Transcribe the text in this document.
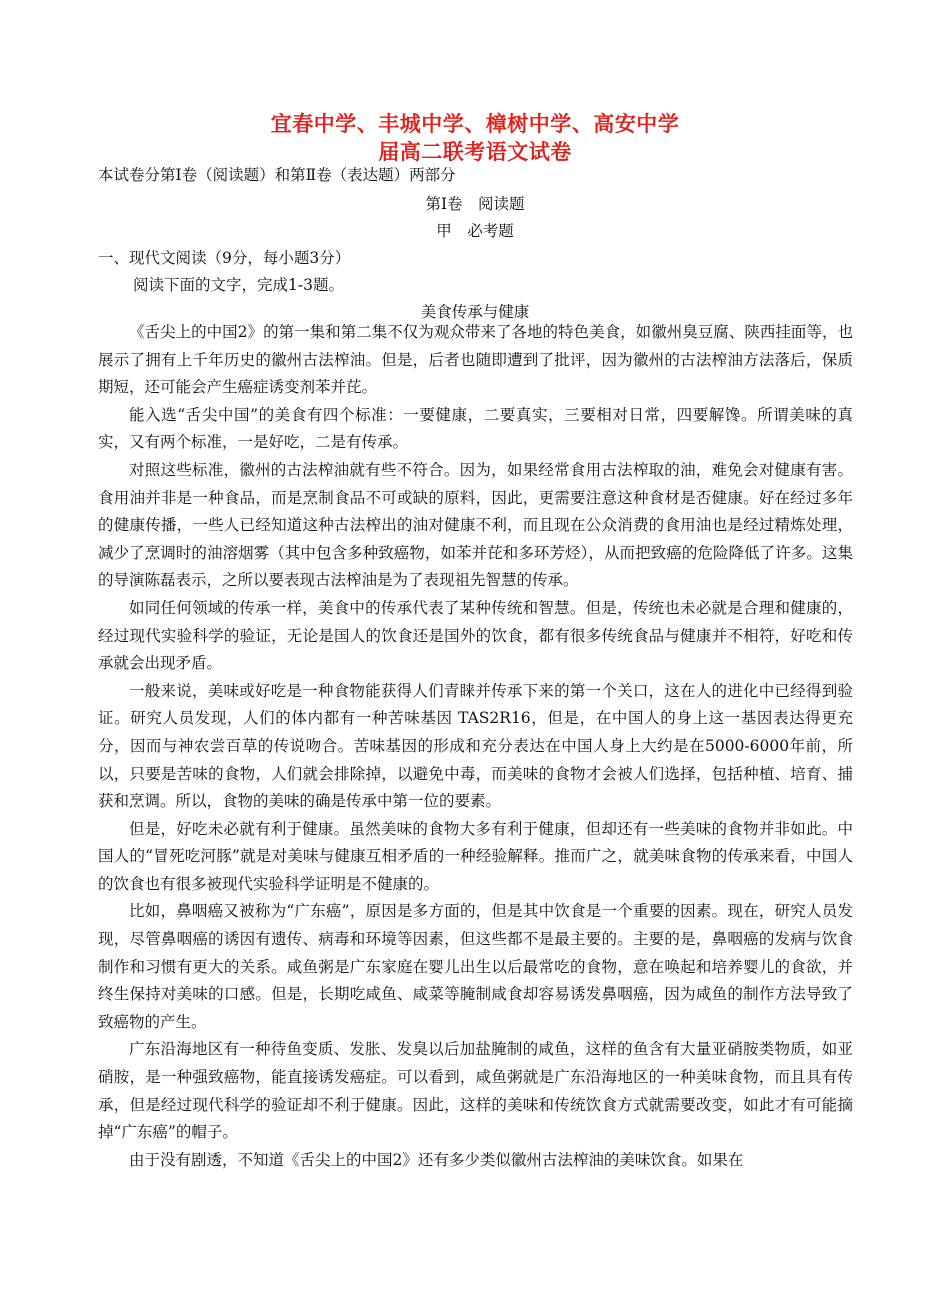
宜春中学、丰城中学、樟树中学、高安中学
届高二联考语文试卷
本试卷分第Ⅰ卷（阅读题）和第Ⅱ卷（表达题）两部分
第Ⅰ卷　阅读题
甲　必考题
一、现代文阅读（9分，每小题3分）
阅读下面的文字，完成1-3题。
美食传承与健康

《舌尖上的中国2》的第一集和第二集不仅为观众带来了各地的特色美食，如徽州臭豆腐、陕西挂面等，也展示了拥有上千年历史的徽州古法榨油。但是，后者也随即遭到了批评，因为徽州的古法榨油方法落后，保质期短，还可能会产生癌症诱变剂苯并芘。

能入选“舌尖中国”的美食有四个标准：一要健康，二要真实，三要相对日常，四要解馋。所谓美味的真实，又有两个标准，一是好吃，二是有传承。

对照这些标准，徽州的古法榨油就有些不符合。因为，如果经常食用古法榨取的油，难免会对健康有害。食用油并非是一种食品，而是烹制食品不可或缺的原料，因此，更需要注意这种食材是否健康。好在经过多年的健康传播，一些人已经知道这种古法榨出的油对健康不利，而且现在公众消费的食用油也是经过精炼处理，减少了烹调时的油溶烟雾（其中包含多种致癌物，如苯并芘和多环芳烃），从而把致癌的危险降低了许多。这集的导演陈磊表示，之所以要表现古法榨油是为了表现祖先智慧的传承。

如同任何领域的传承一样，美食中的传承代表了某种传统和智慧。但是，传统也未必就是合理和健康的，经过现代实验科学的验证，无论是国人的饮食还是国外的饮食，都有很多传统食品与健康并不相符，好吃和传承就会出现矛盾。

一般来说，美味或好吃是一种食物能获得人们青睐并传承下来的第一个关口，这在人的进化中已经得到验证。研究人员发现，人们的体内都有一种苦味基因 TAS2R16，但是，在中国人的身上这一基因表达得更充分，因而与神农尝百草的传说吻合。苦味基因的形成和充分表达在中国人身上大约是在5000-6000年前，所以，只要是苦味的食物，人们就会排除掉，以避免中毒，而美味的食物才会被人们选择，包括种植、培育、捕获和烹调。所以，食物的美味的确是传承中第一位的要素。

但是，好吃未必就有利于健康。虽然美味的食物大多有利于健康，但却还有一些美味的食物并非如此。中国人的“冒死吃河豚”就是对美味与健康互相矛盾的一种经验解释。推而广之，就美味食物的传承来看，中国人的饮食也有很多被现代实验科学证明是不健康的。

比如，鼻咽癌又被称为“广东癌”，原因是多方面的，但是其中饮食是一个重要的因素。现在，研究人员发现，尽管鼻咽癌的诱因有遗传、病毒和环境等因素，但这些都不是最主要的。主要的是，鼻咽癌的发病与饮食制作和习惯有更大的关系。咸鱼粥是广东家庭在婴儿出生以后最常吃的食物，意在唤起和培养婴儿的食欲，并终生保持对美味的口感。但是，长期吃咸鱼、咸菜等腌制咸食却容易诱发鼻咽癌，因为咸鱼的制作方法导致了致癌物的产生。

广东沿海地区有一种待鱼变质、发胀、发臭以后加盐腌制的咸鱼，这样的鱼含有大量亚硝胺类物质，如亚硝胺，是一种强致癌物，能直接诱发癌症。可以看到，咸鱼粥就是广东沿海地区的一种美味食物，而且具有传承，但是经过现代科学的验证却不利于健康。因此，这样的美味和传统饮食方式就需要改变，如此才有可能摘掉“广东癌”的帽子。

由于没有剧透，不知道《舌尖上的中国2》还有多少类似徽州古法榨油的美味饮食。如果在
